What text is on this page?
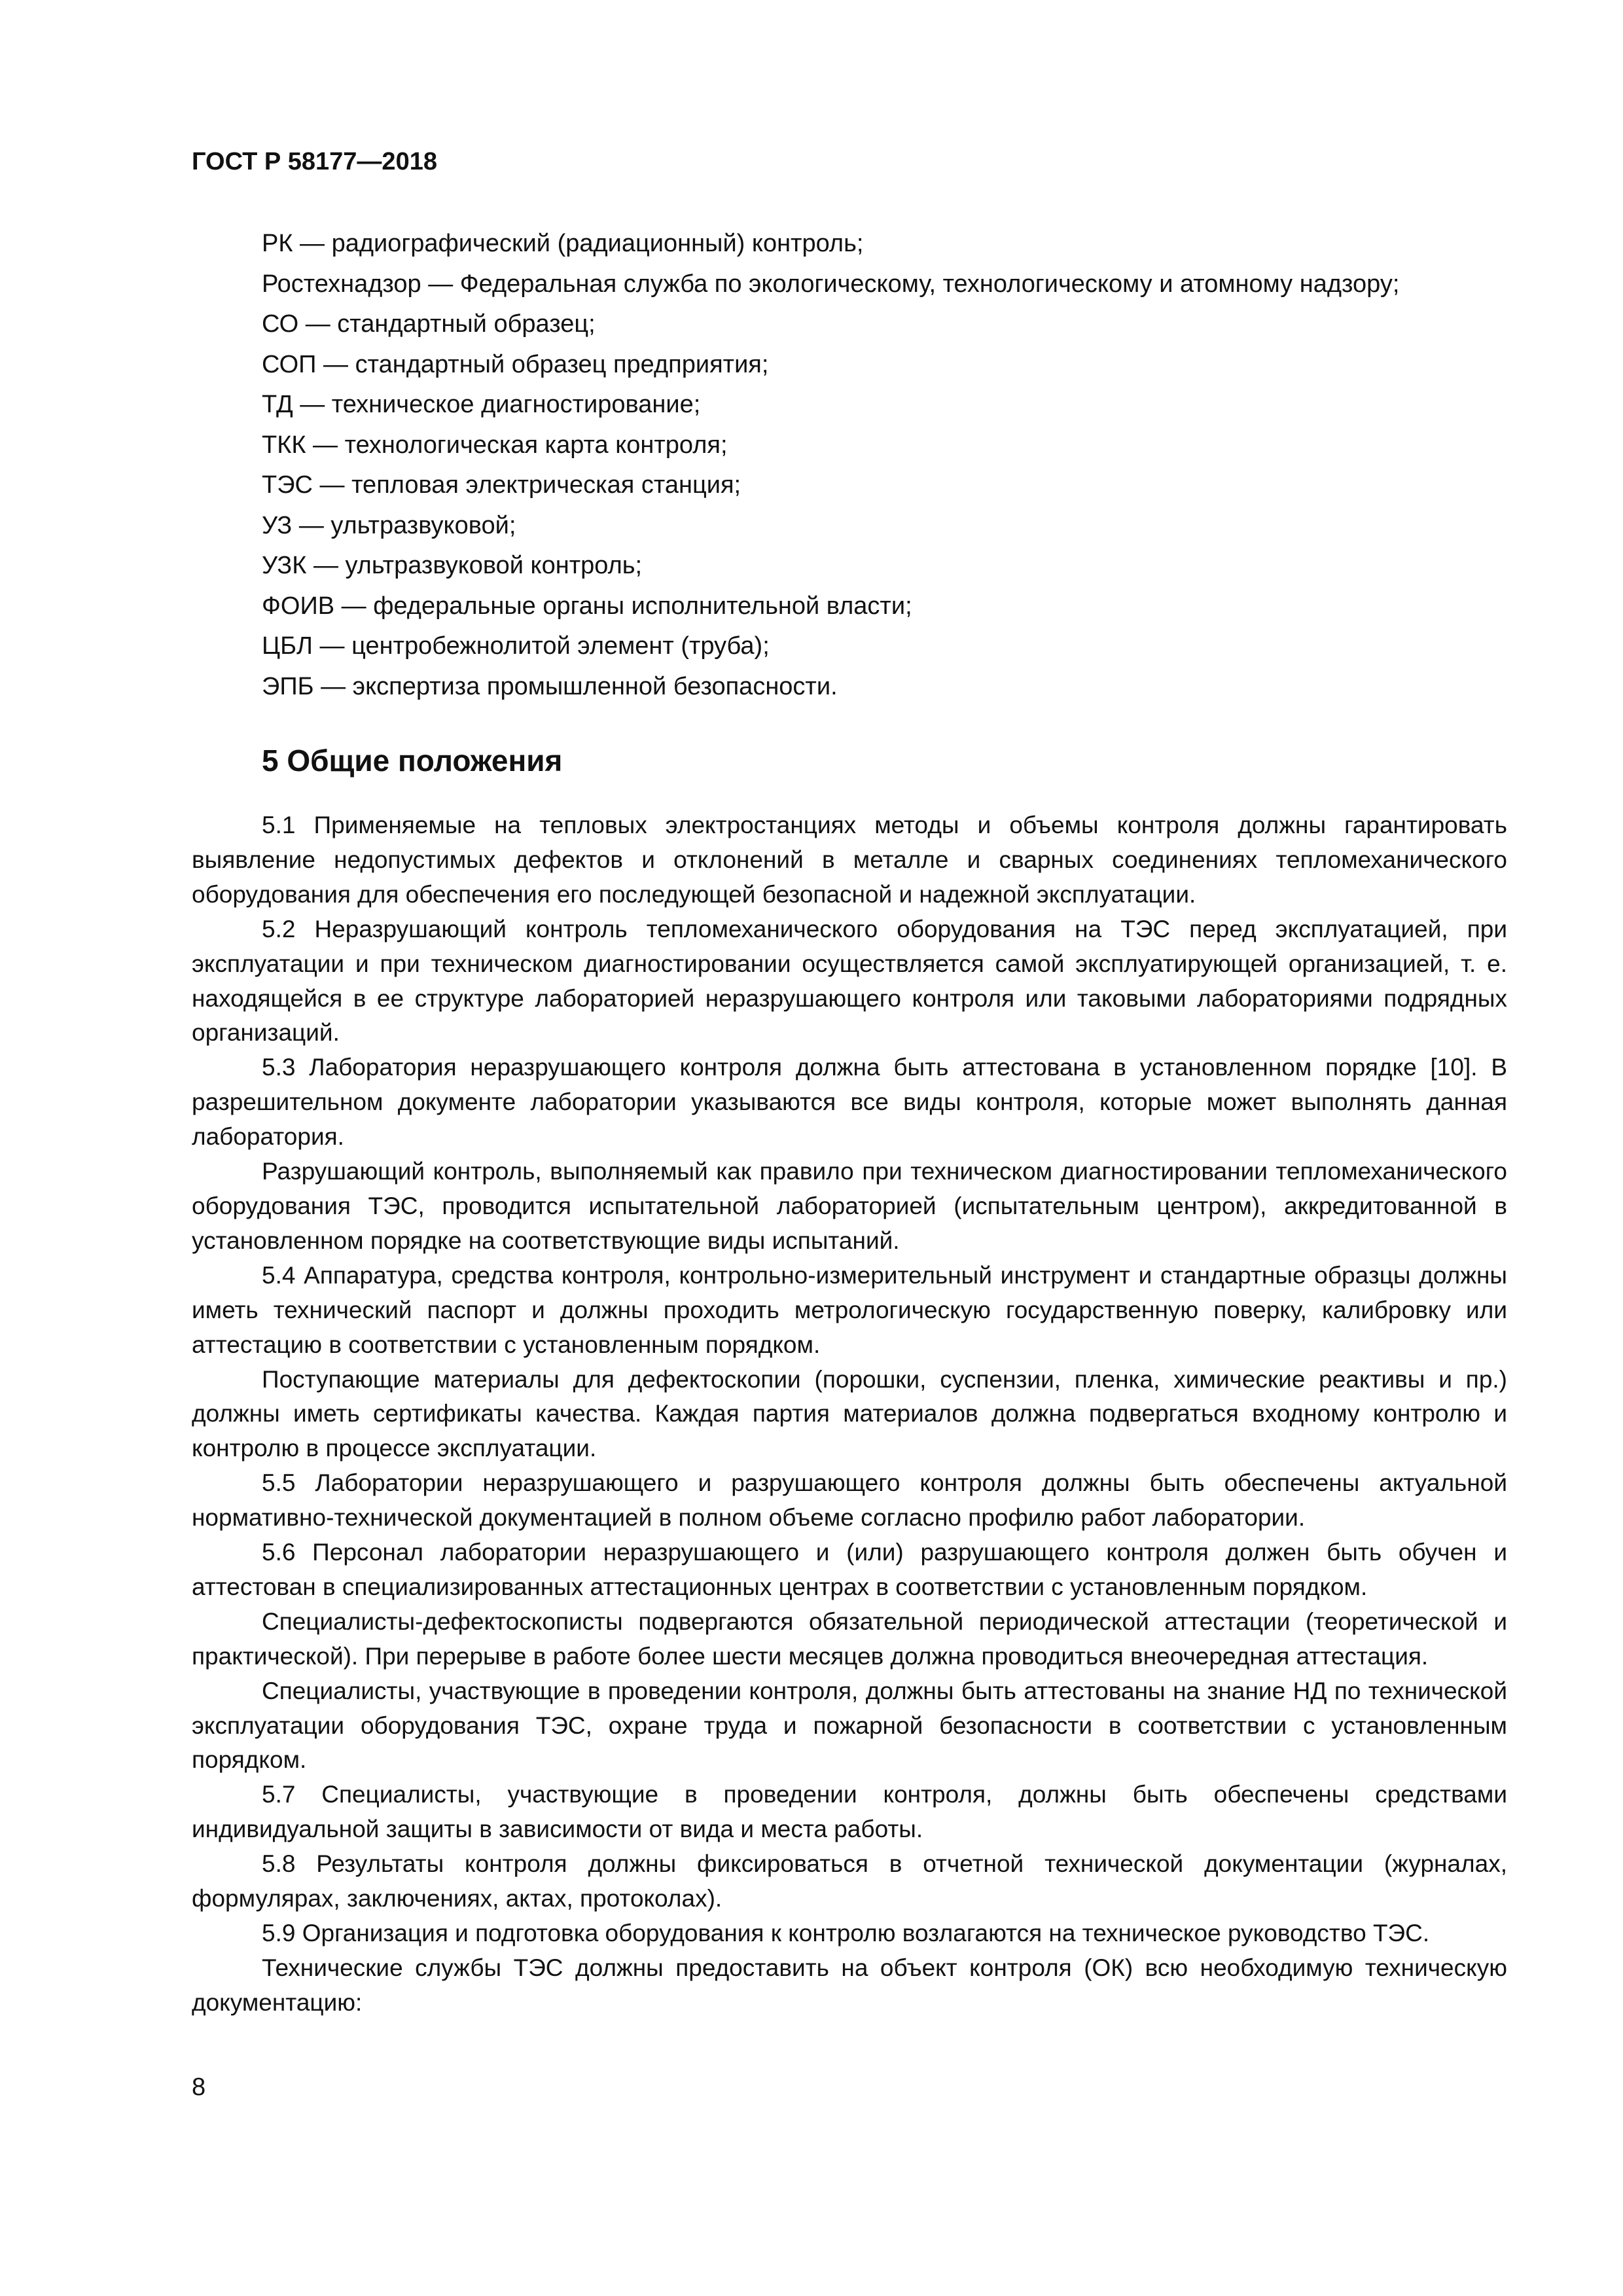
ГОСТ Р 58177—2018

РК — радиографический (радиационный) контроль;
Ростехнадзор — Федеральная служба по экологическому, технологическому и атомному надзору;
СО — стандартный образец;
СОП — стандартный образец предприятия;
ТД — техническое диагностирование;
ТКК — технологическая карта контроля;
ТЭС — тепловая электрическая станция;
УЗ — ультразвуковой;
УЗК — ультразвуковой контроль;
ФОИВ — федеральные органы исполнительной власти;
ЦБЛ — центробежнолитой элемент (труба);
ЭПБ — экспертиза промышленной безопасности.
5 Общие положения

5.1 Применяемые на тепловых электростанциях методы и объемы контроля должны гарантировать выявление недопустимых дефектов и отклонений в металле и сварных соединениях тепломеханического оборудования для обеспечения его последующей безопасной и надежной эксплуатации.

5.2 Неразрушающий контроль тепломеханического оборудования на ТЭС перед эксплуатацией, при эксплуатации и при техническом диагностировании осуществляется самой эксплуатирующей организацией, т. е. находящейся в ее структуре лабораторией неразрушающего контроля или таковыми лабораториями подрядных организаций.

5.3 Лаборатория неразрушающего контроля должна быть аттестована в установленном порядке [10]. В разрешительном документе лаборатории указываются все виды контроля, которые может выполнять данная лаборатория.

Разрушающий контроль, выполняемый как правило при техническом диагностировании тепломеханического оборудования ТЭС, проводится испытательной лабораторией (испытательным центром), аккредитованной в установленном порядке на соответствующие виды испытаний.

5.4 Аппаратура, средства контроля, контрольно-измерительный инструмент и стандартные образцы должны иметь технический паспорт и должны проходить метрологическую государственную поверку, калибровку или аттестацию в соответствии с установленным порядком.

Поступающие материалы для дефектоскопии (порошки, суспензии, пленка, химические реактивы и пр.) должны иметь сертификаты качества. Каждая партия материалов должна подвергаться входному контролю и контролю в процессе эксплуатации.

5.5 Лаборатории неразрушающего и разрушающего контроля должны быть обеспечены актуальной нормативно-технической документацией в полном объеме согласно профилю работ лаборатории.

5.6 Персонал лаборатории неразрушающего и (или) разрушающего контроля должен быть обучен и аттестован в специализированных аттестационных центрах в соответствии с установленным порядком.

Специалисты-дефектоскописты подвергаются обязательной периодической аттестации (теоретической и практической). При перерыве в работе более шести месяцев должна проводиться внеочередная аттестация.

Специалисты, участвующие в проведении контроля, должны быть аттестованы на знание НД по технической эксплуатации оборудования ТЭС, охране труда и пожарной безопасности в соответствии с установленным порядком.

5.7 Специалисты, участвующие в проведении контроля, должны быть обеспечены средствами индивидуальной защиты в зависимости от вида и места работы.

5.8 Результаты контроля должны фиксироваться в отчетной технической документации (журналах, формулярах, заключениях, актах, протоколах).

5.9 Организация и подготовка оборудования к контролю возлагаются на техническое руководство ТЭС.

Технические службы ТЭС должны предоставить на объект контроля (ОК) всю необходимую техническую документацию:

8
